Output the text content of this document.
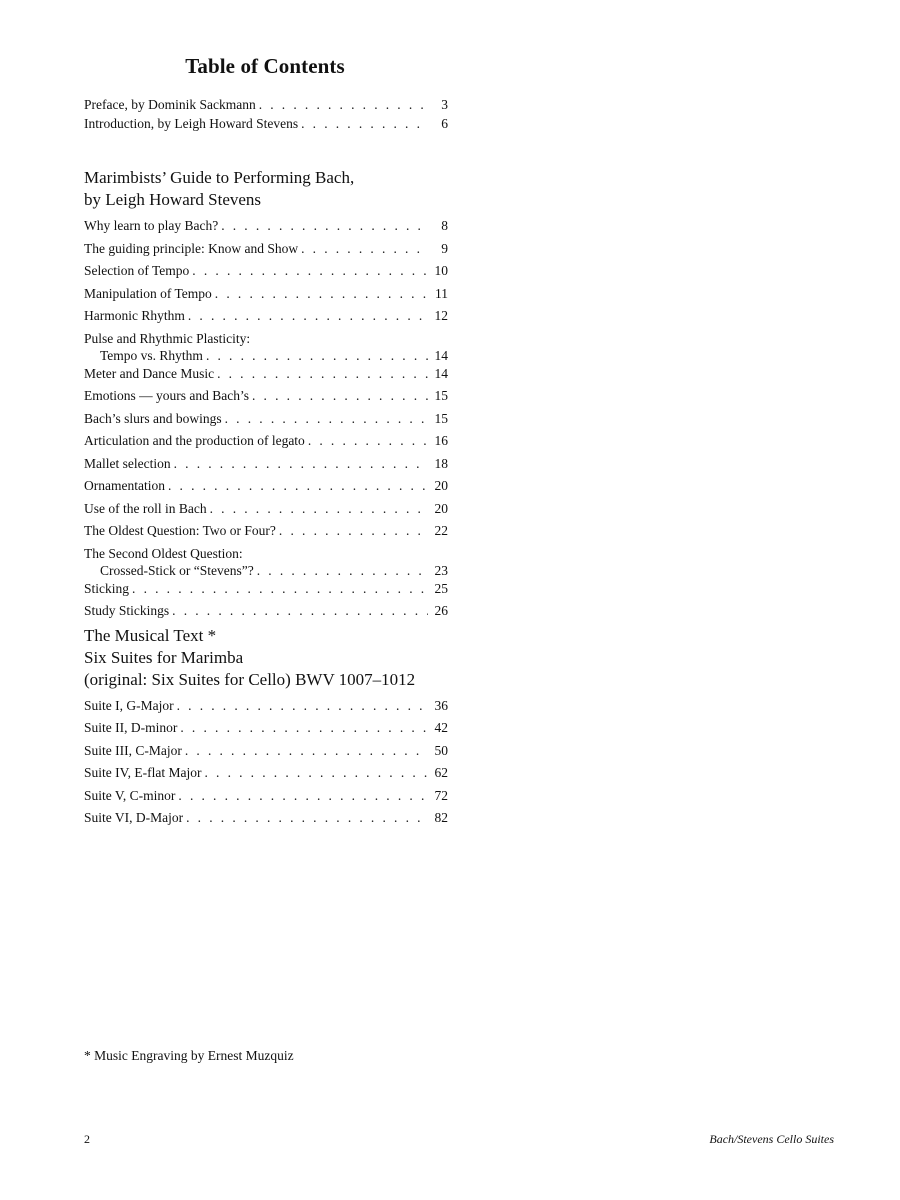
Table of Contents
Preface, by Dominik Sackmann . . .	3
Introduction, by Leigh Howard Stevens . . .	6
Marimbists’ Guide to Performing Bach,
by Leigh Howard Stevens
Why learn to play Bach? . . .	8
The guiding principle: Know and Show . . .	9
Selection of Tempo . . .	10
Manipulation of Tempo . . .	11
Harmonic Rhythm . . .	12
Pulse and Rhythmic Plasticity:
Tempo vs. Rhythm . . .	14
Meter and Dance Music . . .	14
Emotions — yours and Bach’s . . .	15
Bach’s slurs and bowings . . .	15
Articulation and the production of legato . . .	16
Mallet selection . . .	18
Ornamentation . . .	20
Use of the roll in Bach . . .	20
The Oldest Question: Two or Four? . . .	22
The Second Oldest Question:
Crossed-Stick or “Stevens”? . . .	23
Sticking . . .	25
Study Stickings . . .	26
The Musical Text *
Six Suites for Marimba
(original: Six Suites for Cello) BWV 1007–1012
Suite I, G-Major . . .	36
Suite II, D-minor . . .	42
Suite III, C-Major . . .	50
Suite IV, E-flat Major . . .	62
Suite V, C-minor . . .	72
Suite VI, D-Major . . .	82
* Music Engraving by Ernest Muzquiz
2	Bach/Stevens Cello Suites
